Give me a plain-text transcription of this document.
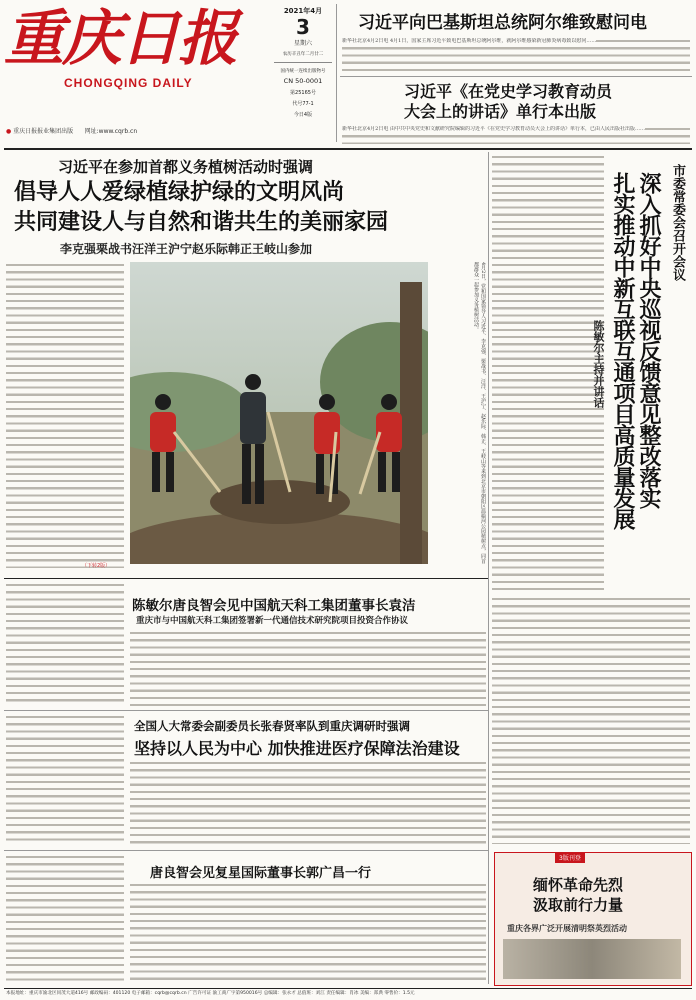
重庆日报
CHONGQING DAILY
● 重庆日报报业集团出版 网址:www.cqrb.cn
2021年4月
3
星期六
农历辛丑年二月廿二
国内统一连续出版物号
CN 50-0001
第25165号
代号77-1
今日4版
习近平向巴基斯坦总统阿尔维致慰问电
新华社北京4月2日电 4月1日，国家主席习近平致电巴基斯坦总统阿尔维，就阿尔维感染新冠肺炎病毒致以慰问……
习近平《在党史学习教育动员
大会上的讲话》单行本出版
新华社北京4月2日电 由中共中央党史和文献研究院编辑的习近平《在党史学习教育动员大会上的讲话》单行本，已由人民出版社出版……
习近平在参加首都义务植树活动时强调
倡导人人爱绿植绿护绿的文明风尚
共同建设人与自然和谐共生的美丽家园
李克强栗战书汪洋王沪宁赵乐际韩正王岐山参加
（下转2版）
4月2日，党和国家领导人习近平、李克强、栗战书、汪洋、王沪宁、赵乐际、韩正、王岐山等来到北京市朝阳区温榆河公园植树点，同首都群众一起参加义务植树活动。
市委常委会召开会议
深入抓好中央巡视反馈意见整改落实
扎实推动中新互联互通项目高质量发展
陈敏尔主持并讲话
陈敏尔唐良智会见中国航天科工集团董事长袁洁
重庆市与中国航天科工集团签署新一代通信技术研究院项目投资合作协议
全国人大常委会副委员长张春贤率队到重庆调研时强调
坚持以人民为中心 加快推进医疗保障法治建设
唐良智会见复星国际董事长郭广昌一行
3版刊登
缅怀革命先烈
汲取前行力量
重庆各界广泛开展清明祭英烈活动
本报地址：重庆市渝北区同茂大道416号 邮政编码：401120 电子邮箱：cqrb@cqrb.cn 广告许可证 渝工商广字第950016号 总编辑：张永才 总值班：刘江 责任编辑：肖冰 美编：郑典 零售价：1.5元
